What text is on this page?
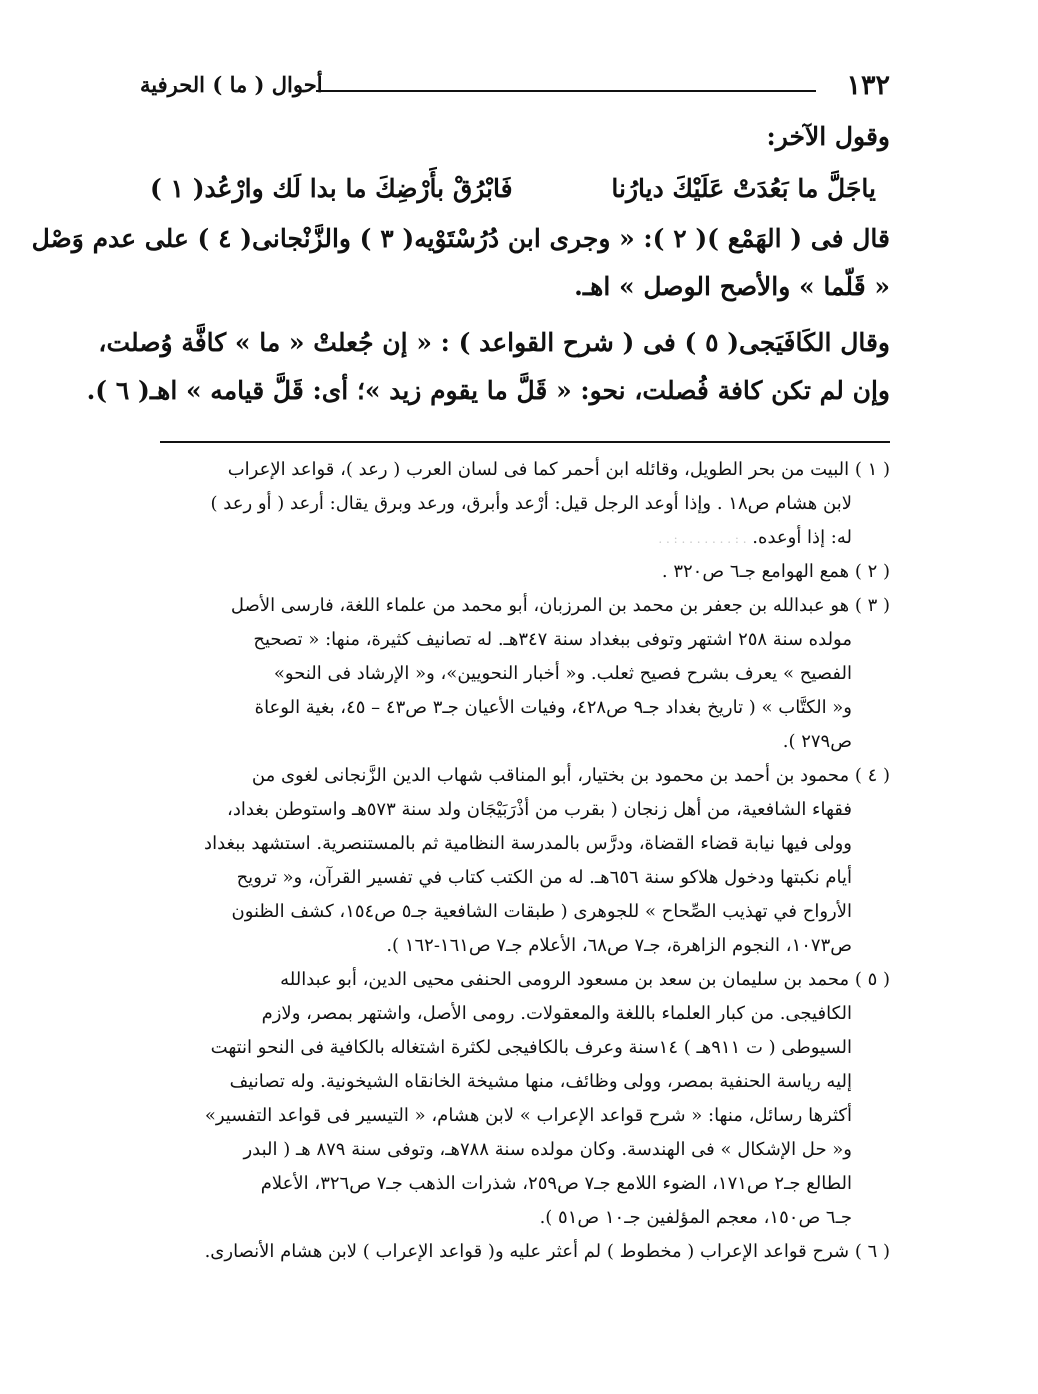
١٣٢
أحوال ( ما ) الحرفية
وقول الآخر:
ياجَلَّ ما بَعُدَتْ عَلَيْكَ ديارُنا
فَابْرُقْ بأَرْضِكَ ما بدا لَك وارْعُد( ١ )
قال فى ( الهَمْع )( ٢ ): « وجرى ابن دُرُسْتَوْيه( ٣ ) والزَّنْجانى( ٤ ) على عدم وَصْل
« قَلّما » والأصح الوصل » اهـ.
وقال الكَافَيَجى( ٥ ) فى ( شرح القواعد ) : « إن جُعلتْ « ما » كافَّة وُصلت،
وإن لم تكن كافة فُصلت، نحو: « قَلَّ ما يقوم زيد »؛ أى: قَلَّ قيامه » اهـ( ٦ ).
( ١ ) البيت من بحر الطويل، وقائله ابن أحمر كما فى لسان العرب ( رعد )، قواعد الإعراب
لابن هشام ص١٨ . وإذا أوعد الرجل قيل: أرْعد وأبرق، ورعد وبرق يقال: أرعد ( أو رعد )
له: إذا أوعده. . : . . . . . . . : . .
( ٢ ) همع الهوامع جـ٦ ص٣٢٠ .
( ٣ ) هو عبدالله بن جعفر بن محمد بن المرزبان، أبو محمد من علماء اللغة، فارسى الأصل
مولده سنة ٢٥٨ اشتهر وتوفى ببغداد سنة ٣٤٧هـ. له تصانيف كثيرة، منها: « تصحيح
الفصيح » يعرف بشرح فصيح ثعلب. و« أخبار النحويين»، و« الإرشاد فى النحو»
و« الكتَّاب » ( تاريخ بغداد جـ٩ ص٤٢٨، وفيات الأعيان جـ٣ ص٤٣ – ٤٥، بغية الوعاة
ص٢٧٩ ).
( ٤ ) محمود بن أحمد بن محمود بن بختيار، أبو المناقب شهاب الدين الزَّنجانى لغوى من
فقهاء الشافعية، من أهل زنجان ( بقرب من أذْرَبَيْجَان ولد سنة ٥٧٣هـ واستوطن بغداد،
وولى فيها نيابة قضاء القضاة، ودرَّس بالمدرسة النظامية ثم بالمستنصرية. استشهد ببغداد
أيام نكبتها ودخول هلاكو سنة ٦٥٦هـ. له من الكتب كتاب في تفسير القرآن، و« ترويح
الأرواح في تهذيب الصِّحاح » للجوهرى ( طبقات الشافعية جـ٥ ص١٥٤، كشف الظنون
ص١٠٧٣، النجوم الزاهرة، جـ٧ ص٦٨، الأعلام جـ٧ ص١٦١-١٦٢ ).
( ٥ ) محمد بن سليمان بن سعد بن مسعود الرومى الحنفى محيى الدين، أبو عبدالله
الكافيجى. من كبار العلماء باللغة والمعقولات. رومى الأصل، واشتهر بمصر، ولازم
السيوطى ( ت ٩١١هـ ) ١٤سنة وعرف بالكافيجى لكثرة اشتغاله بالكافية فى النحو انتهت
إليه رياسة الحنفية بمصر، وولى وظائف، منها مشيخة الخانقاه الشيخونية. وله تصانيف
أكثرها رسائل، منها: « شرح قواعد الإعراب » لابن هشام، « التيسير فى قواعد التفسير»
و« حل الإشكال » فى الهندسة. وكان مولده سنة ٧٨٨هـ، وتوفى سنة ٨٧٩ هـ ( البدر
الطالع جـ٢ ص١٧١، الضوء اللامع جـ٧ ص٢٥٩، شذرات الذهب جـ٧ ص٣٢٦، الأعلام
جـ٦ ص١٥٠، معجم المؤلفين جـ١٠ ص٥١ ).
( ٦ ) شرح قواعد الإعراب ( مخطوط ) لم أعثر عليه و( قواعد الإعراب ) لابن هشام الأنصارى.
